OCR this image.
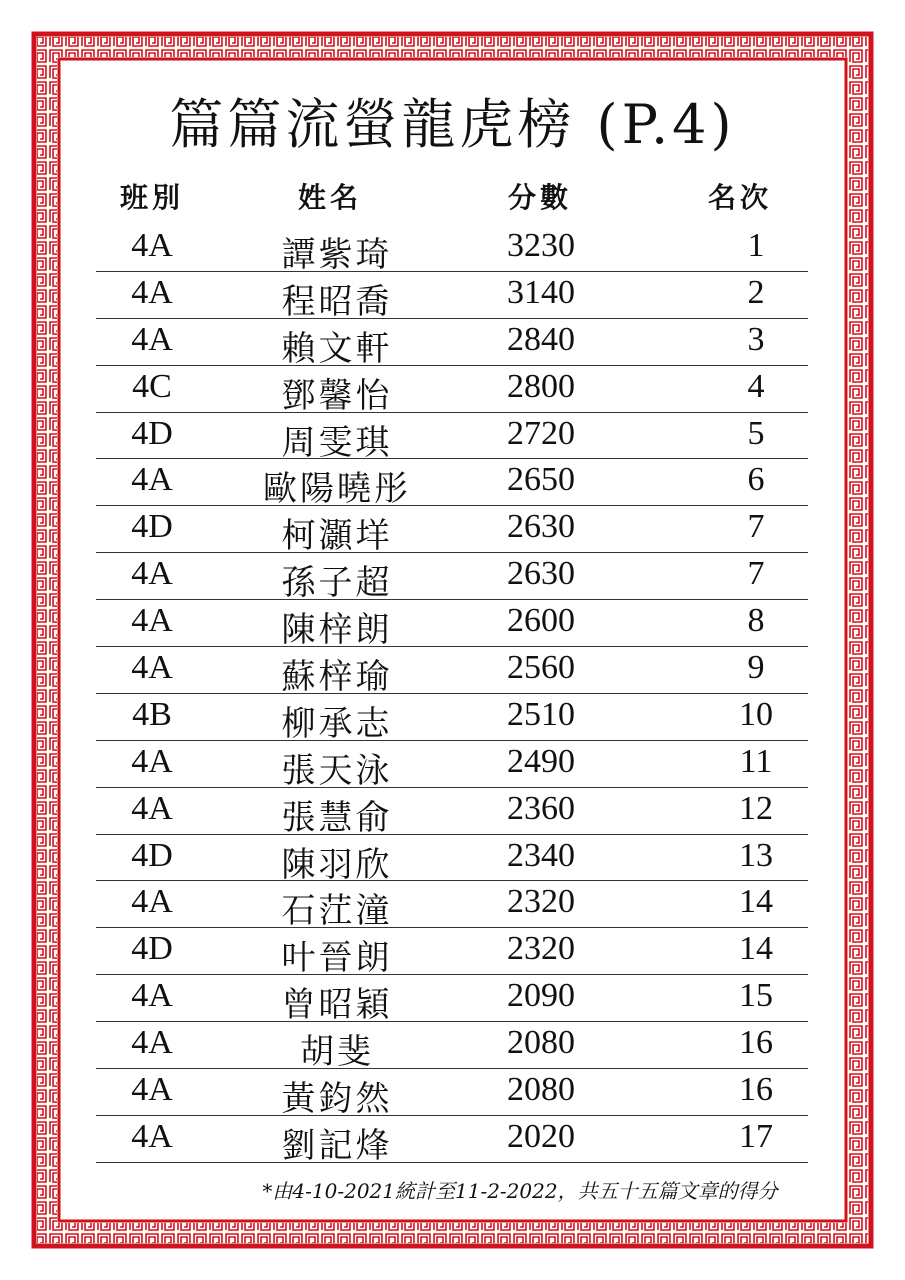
篇篇流螢龍虎榜 (P.4)
班別	姓名	分數	名次
4A	譚紫琦	3230	1
4A	程昭喬	3140	2
4A	賴文軒	2840	3
4C	鄧馨怡	2800	4
4D	周雯琪	2720	5
4A	歐陽曉彤	2650	6
4D	柯灝垟	2630	7
4A	孫子超	2630	7
4A	陳梓朗	2600	8
4A	蘇梓瑜	2560	9
4B	柳承志	2510	10
4A	張天泳	2490	11
4A	張慧俞	2360	12
4D	陳羽欣	2340	13
4A	石茳潼	2320	14
4D	叶晉朗	2320	14
4A	曾昭穎	2090	15
4A	胡斐	2080	16
4A	黃鈞然	2080	16
4A	劉記烽	2020	17
*由4-10-2021統計至11-2-2022，共五十五篇文章的得分
